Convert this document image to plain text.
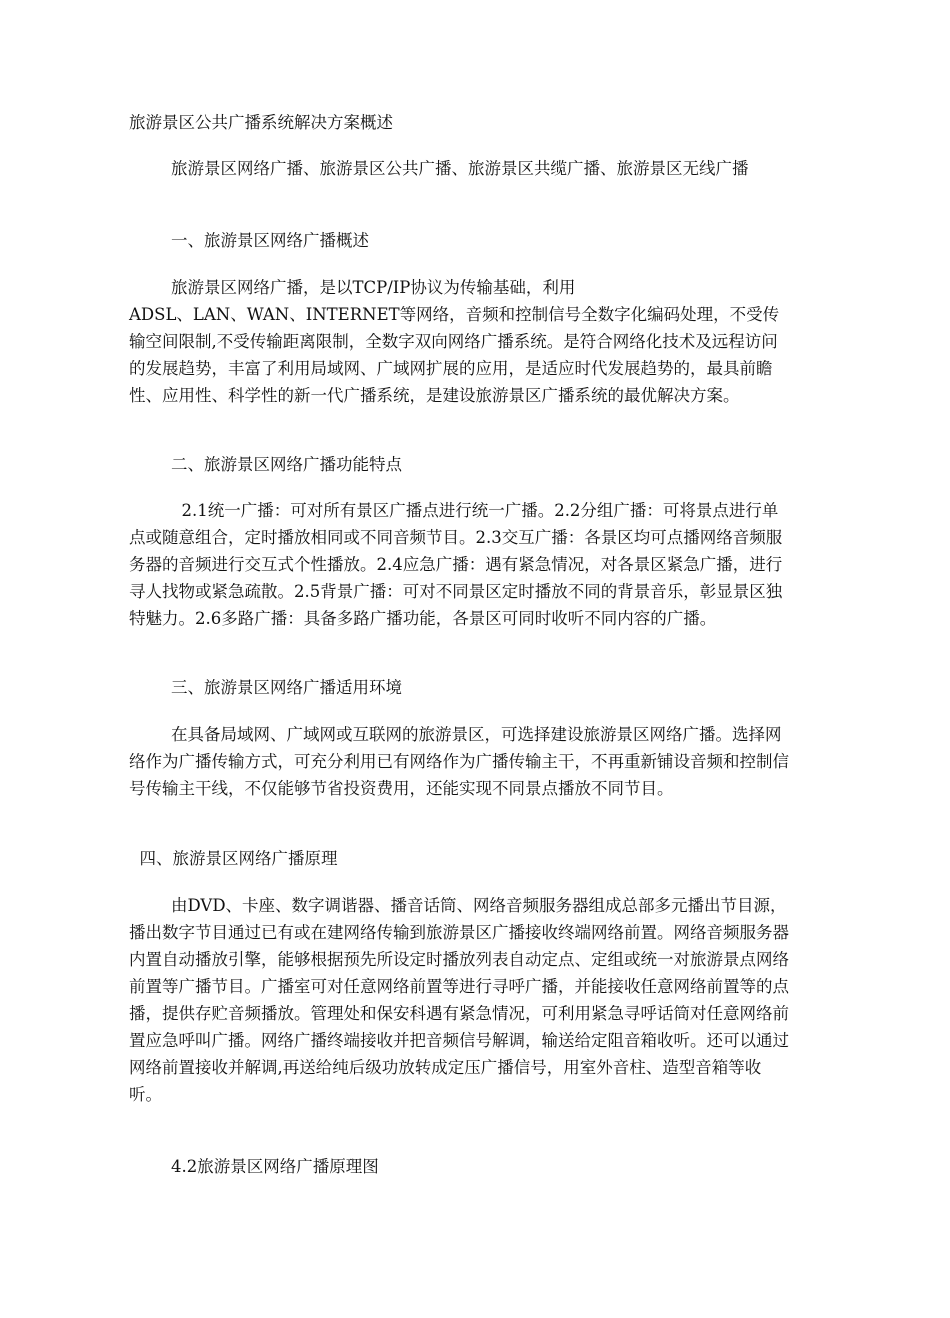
旅游景区公共广播系统解决方案概述

旅游景区网络广播、旅游景区公共广播、旅游景区共缆广播、旅游景区无线广播

一、旅游景区网络广播概述

旅游景区网络广播，是以TCP/IP协议为传输基础，利用
ADSL、LAN、WAN、INTERNET等网络，音频和控制信号全数字化编码处理，不受传输空间限制,不受传输距离限制，全数字双向网络广播系统。是符合网络化技术及远程访问的发展趋势，丰富了利用局域网、广域网扩展的应用，是适应时代发展趋势的，最具前瞻性、应用性、科学性的新一代广播系统，是建设旅游景区广播系统的最优解决方案。

二、旅游景区网络广播功能特点

2.1统一广播：可对所有景区广播点进行统一广播。2.2分组广播：可将景点进行单点或随意组合，定时播放相同或不同音频节目。2.3交互广播：各景区均可点播网络音频服务器的音频进行交互式个性播放。2.4应急广播：遇有紧急情况，对各景区紧急广播，进行寻人找物或紧急疏散。2.5背景广播：可对不同景区定时播放不同的背景音乐，彰显景区独特魅力。2.6多路广播：具备多路广播功能，各景区可同时收听不同内容的广播。

三、旅游景区网络广播适用环境

在具备局域网、广域网或互联网的旅游景区，可选择建设旅游景区网络广播。选择网络作为广播传输方式，可充分利用已有网络作为广播传输主干，不再重新铺设音频和控制信号传输主干线，不仅能够节省投资费用，还能实现不同景点播放不同节目。

四、旅游景区网络广播原理

由DVD、卡座、数字调谐器、播音话筒、网络音频服务器组成总部多元播出节目源，播出数字节目通过已有或在建网络传输到旅游景区广播接收终端网络前置。网络音频服务器内置自动播放引擎，能够根据预先所设定时播放列表自动定点、定组或统一对旅游景点网络前置等广播节目。广播室可对任意网络前置等进行寻呼广播，并能接收任意网络前置等的点播，提供存贮音频播放。管理处和保安科遇有紧急情况，可利用紧急寻呼话筒对任意网络前置应急呼叫广播。网络广播终端接收并把音频信号解调，输送给定阻音箱收听。还可以通过网络前置接收并解调,再送给纯后级功放转成定压广播信号，用室外音柱、造型音箱等收听。

4.2旅游景区网络广播原理图
